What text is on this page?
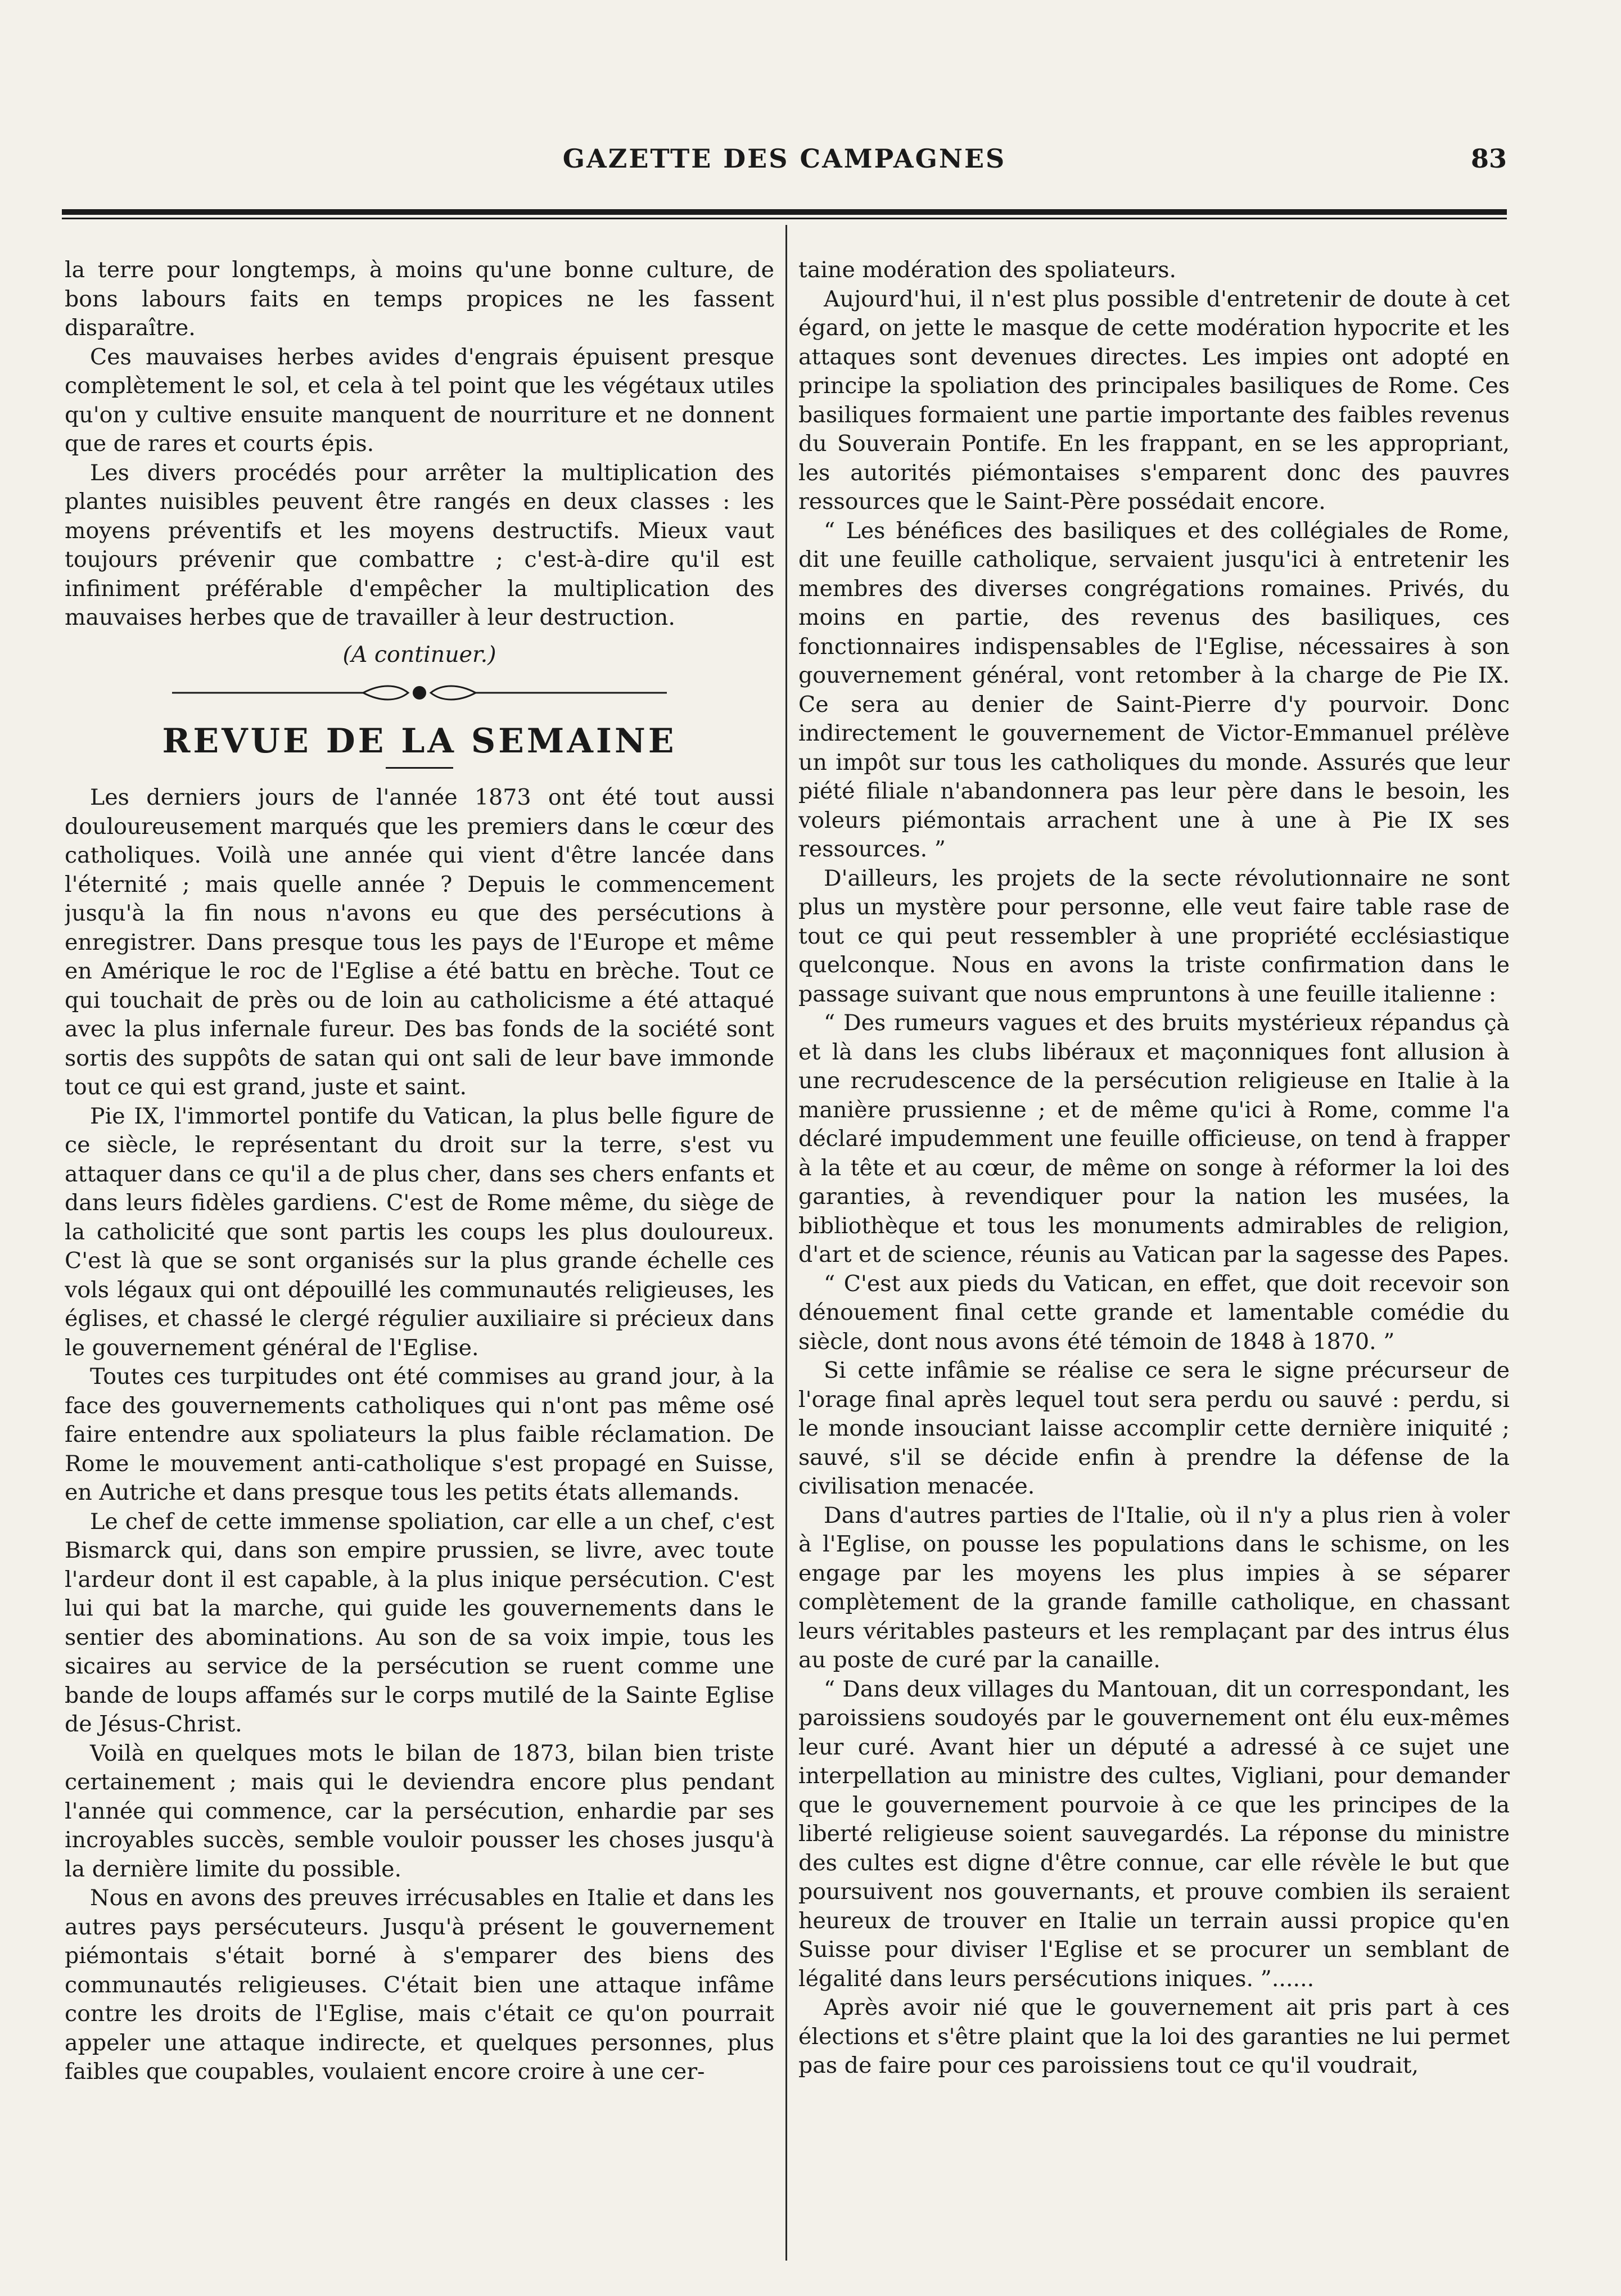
GAZETTE DES CAMPAGNES	83

la terre pour longtemps, à moins qu'une bonne culture, de bons labours faits en temps propices ne les fassent disparaître.

Ces mauvaises herbes avides d'engrais épuisent presque complètement le sol, et cela à tel point que les végétaux utiles qu'on y cultive ensuite manquent de nourriture et ne donnent que de rares et courts épis.

Les divers procédés pour arrêter la multiplication des plantes nuisibles peuvent être rangés en deux classes : les moyens préventifs et les moyens destructifs. Mieux vaut toujours prévenir que combattre ; c'est-à-dire qu'il est infiniment préférable d'empêcher la multiplication des mauvaises herbes que de travailler à leur destruction.

(A continuer.)

REVUE DE LA SEMAINE

Les derniers jours de l'année 1873 ont été tout aussi douloureusement marqués que les premiers dans le cœur des catholiques. Voilà une année qui vient d'être lancée dans l'éternité ; mais quelle année ? Depuis le commencement jusqu'à la fin nous n'avons eu que des persécutions à enregistrer. Dans presque tous les pays de l'Europe et même en Amérique le roc de l'Eglise a été battu en brèche. Tout ce qui touchait de près ou de loin au catholicisme a été attaqué avec la plus infernale fureur. Des bas fonds de la société sont sortis des suppôts de satan qui ont sali de leur bave immonde tout ce qui est grand, juste et saint.

Pie IX, l'immortel pontife du Vatican, la plus belle figure de ce siècle, le représentant du droit sur la terre, s'est vu attaquer dans ce qu'il a de plus cher, dans ses chers enfants et dans leurs fidèles gardiens. C'est de Rome même, du siège de la catholicité que sont partis les coups les plus douloureux. C'est là que se sont organisés sur la plus grande échelle ces vols légaux qui ont dépouillé les communautés religieuses, les églises, et chassé le clergé régulier auxiliaire si précieux dans le gouvernement général de l'Eglise.

Toutes ces turpitudes ont été commises au grand jour, à la face des gouvernements catholiques qui n'ont pas même osé faire entendre aux spoliateurs la plus faible réclamation. De Rome le mouvement anti-catholique s'est propagé en Suisse, en Autriche et dans presque tous les petits états allemands.

Le chef de cette immense spoliation, car elle a un chef, c'est Bismarck qui, dans son empire prussien, se livre, avec toute l'ardeur dont il est capable, à la plus inique persécution. C'est lui qui bat la marche, qui guide les gouvernements dans le sentier des abominations. Au son de sa voix impie, tous les sicaires au service de la persécution se ruent comme une bande de loups affamés sur le corps mutilé de la Sainte Eglise de Jésus-Christ.

Voilà en quelques mots le bilan de 1873, bilan bien triste certainement ; mais qui le deviendra encore plus pendant l'année qui commence, car la persécution, enhardie par ses incroyables succès, semble vouloir pousser les choses jusqu'à la dernière limite du possible.

Nous en avons des preuves irrécusables en Italie et dans les autres pays persécuteurs. Jusqu'à présent le gouvernement piémontais s'était borné à s'emparer des biens des communautés religieuses. C'était bien une attaque infâme contre les droits de l'Eglise, mais c'était ce qu'on pourrait appeler une attaque indirecte, et quelques personnes, plus faibles que coupables, voulaient encore croire à une cer-

taine modération des spoliateurs.

Aujourd'hui, il n'est plus possible d'entretenir de doute à cet égard, on jette le masque de cette modération hypocrite et les attaques sont devenues directes. Les impies ont adopté en principe la spoliation des principales basiliques de Rome. Ces basiliques formaient une partie importante des faibles revenus du Souverain Pontife. En les frappant, en se les appropriant, les autorités piémontaises s'emparent donc des pauvres ressources que le Saint-Père possédait encore.

“ Les bénéfices des basiliques et des collégiales de Rome, dit une feuille catholique, servaient jusqu'ici à entretenir les membres des diverses congrégations romaines. Privés, du moins en partie, des revenus des basiliques, ces fonctionnaires indispensables de l'Eglise, nécessaires à son gouvernement général, vont retomber à la charge de Pie IX. Ce sera au denier de Saint-Pierre d'y pourvoir. Donc indirectement le gouvernement de Victor-Emmanuel prélève un impôt sur tous les catholiques du monde. Assurés que leur piété filiale n'abandonnera pas leur père dans le besoin, les voleurs piémontais arrachent une à une à Pie IX ses ressources. ”

D'ailleurs, les projets de la secte révolutionnaire ne sont plus un mystère pour personne, elle veut faire table rase de tout ce qui peut ressembler à une propriété ecclésiastique quelconque. Nous en avons la triste confirmation dans le passage suivant que nous empruntons à une feuille italienne :

“ Des rumeurs vagues et des bruits mystérieux répandus çà et là dans les clubs libéraux et maçonniques font allusion à une recrudescence de la persécution religieuse en Italie à la manière prussienne ; et de même qu'ici à Rome, comme l'a déclaré impudemment une feuille officieuse, on tend à frapper à la tête et au cœur, de même on songe à réformer la loi des garanties, à revendiquer pour la nation les musées, la bibliothèque et tous les monuments admirables de religion, d'art et de science, réunis au Vatican par la sagesse des Papes.

“ C'est aux pieds du Vatican, en effet, que doit recevoir son dénouement final cette grande et lamentable comédie du siècle, dont nous avons été témoin de 1848 à 1870. ”

Si cette infâmie se réalise ce sera le signe précurseur de l'orage final après lequel tout sera perdu ou sauvé : perdu, si le monde insouciant laisse accomplir cette dernière iniquité ; sauvé, s'il se décide enfin à prendre la défense de la civilisation menacée.

Dans d'autres parties de l'Italie, où il n'y a plus rien à voler à l'Eglise, on pousse les populations dans le schisme, on les engage par les moyens les plus impies à se séparer complètement de la grande famille catholique, en chassant leurs véritables pasteurs et les remplaçant par des intrus élus au poste de curé par la canaille.

“ Dans deux villages du Mantouan, dit un correspondant, les paroissiens soudoyés par le gouvernement ont élu eux-mêmes leur curé. Avant hier un député a adressé à ce sujet une interpellation au ministre des cultes, Vigliani, pour demander que le gouvernement pourvoie à ce que les principes de la liberté religieuse soient sauvegardés. La réponse du ministre des cultes est digne d'être connue, car elle révèle le but que poursuivent nos gouvernants, et prouve combien ils seraient heureux de trouver en Italie un terrain aussi propice qu'en Suisse pour diviser l'Eglise et se procurer un semblant de légalité dans leurs persécutions iniques. ”......

Après avoir nié que le gouvernement ait pris part à ces élections et s'être plaint que la loi des garanties ne lui permet pas de faire pour ces paroissiens tout ce qu'il voudrait,
